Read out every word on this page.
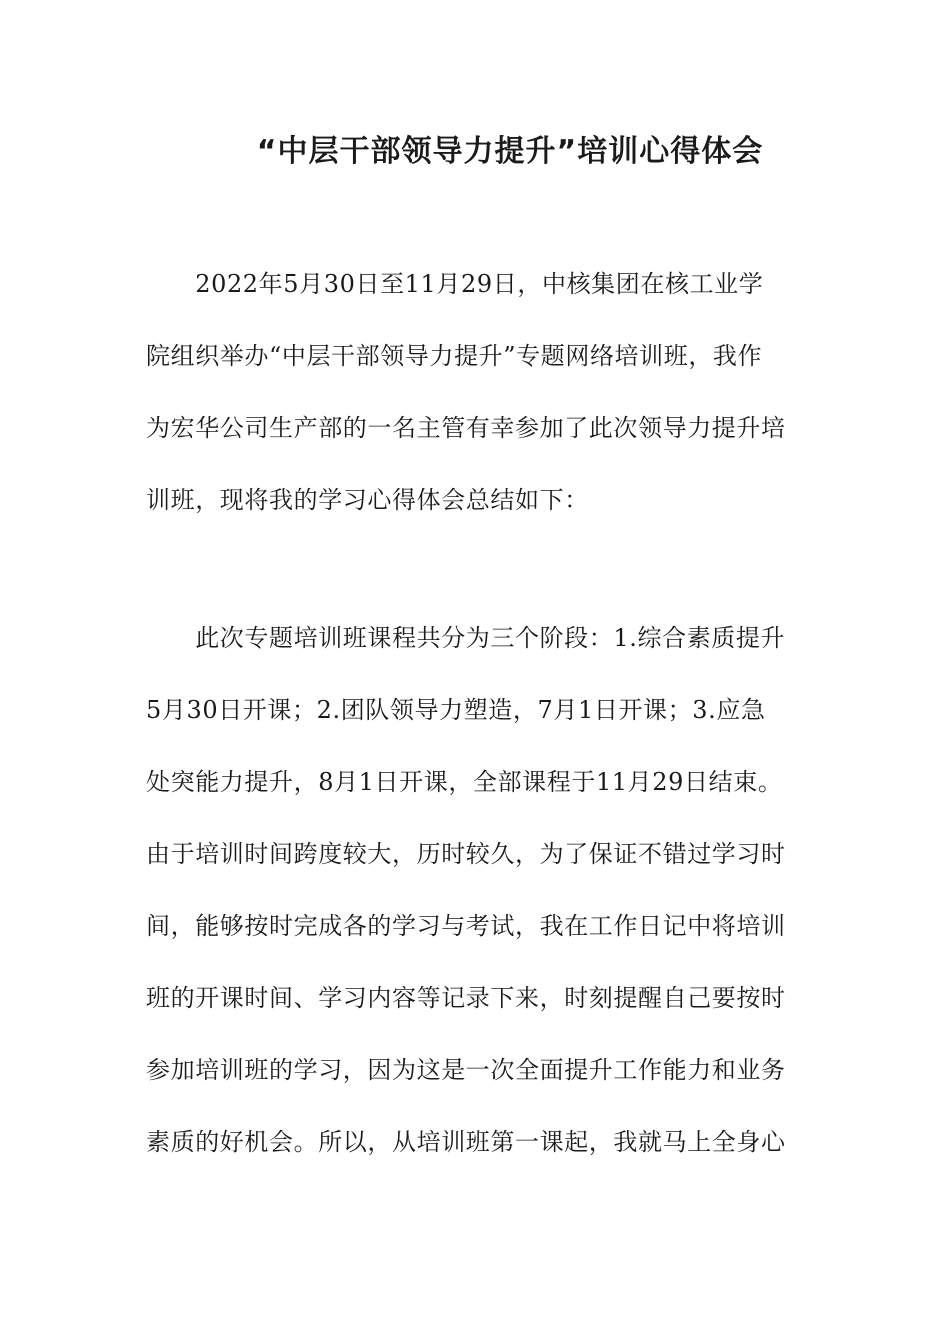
“中层干部领导力提升”培训心得体会
　　2022年5月30日至11月29日，中核集团在核工业学
院组织举办“中层干部领导力提升”专题网络培训班，我作
为宏华公司生产部的一名主管有幸参加了此次领导力提升培
训班，现将我的学习心得体会总结如下：
　　此次专题培训班课程共分为三个阶段：1.综合素质提升
5月30日开课；2.团队领导力塑造，7月1日开课；3.应急
处突能力提升，8月1日开课，全部课程于11月29日结束。
由于培训时间跨度较大，历时较久，为了保证不错过学习时
间，能够按时完成各的学习与考试，我在工作日记中将培训
班的开课时间、学习内容等记录下来，时刻提醒自己要按时
参加培训班的学习，因为这是一次全面提升工作能力和业务
素质的好机会。所以，从培训班第一课起，我就马上全身心
